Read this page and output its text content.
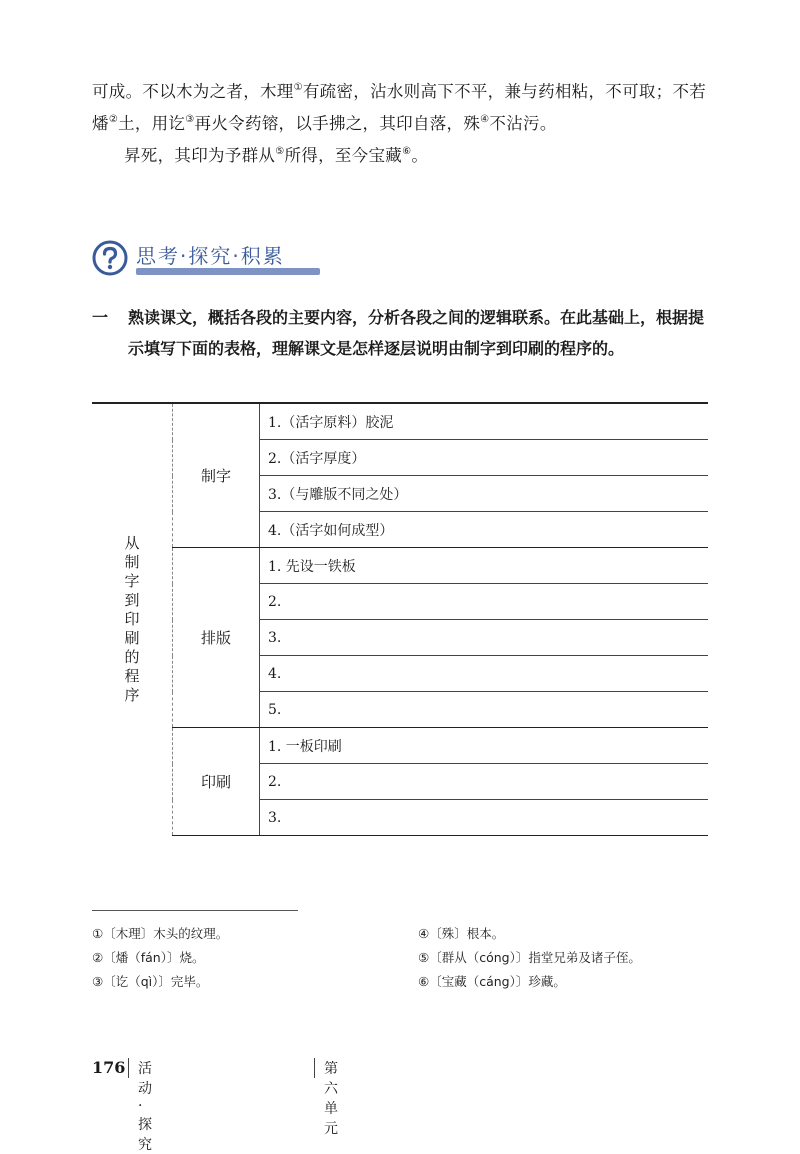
可成。不以木为之者，木理①有疏密，沾水则高下不平，兼与药相粘，不可取；不若燔②土，用讫③再火令药镕，以手拂之，其印自落，殊④不沾污。
昇死，其印为予群从⑤所得，至今宝藏⑥。
思考·探究·积累
一 熟读课文，概括各段的主要内容，分析各段之间的逻辑联系。在此基础上，根据提示填写下面的表格，理解课文是怎样逐层说明由制字到印刷的程序的。
从制字到印刷的程序	制字	1.（活字原料）胶泥
		2.（活字厚度）
		3.（与雕版不同之处）
		4.（活字如何成型）
	排版	1. 先设一铁板
		2.
		3.
		4.
		5.
	印刷	1. 一板印刷
		2.
		3.
①〔木理〕木头的纹理。
②〔燔（fán）〕烧。
③〔讫（qì）〕完毕。
④〔殊〕根本。
⑤〔群从（cóng）〕指堂兄弟及诸子侄。
⑥〔宝藏（cáng）〕珍藏。
176 活动·探究
第六单元
